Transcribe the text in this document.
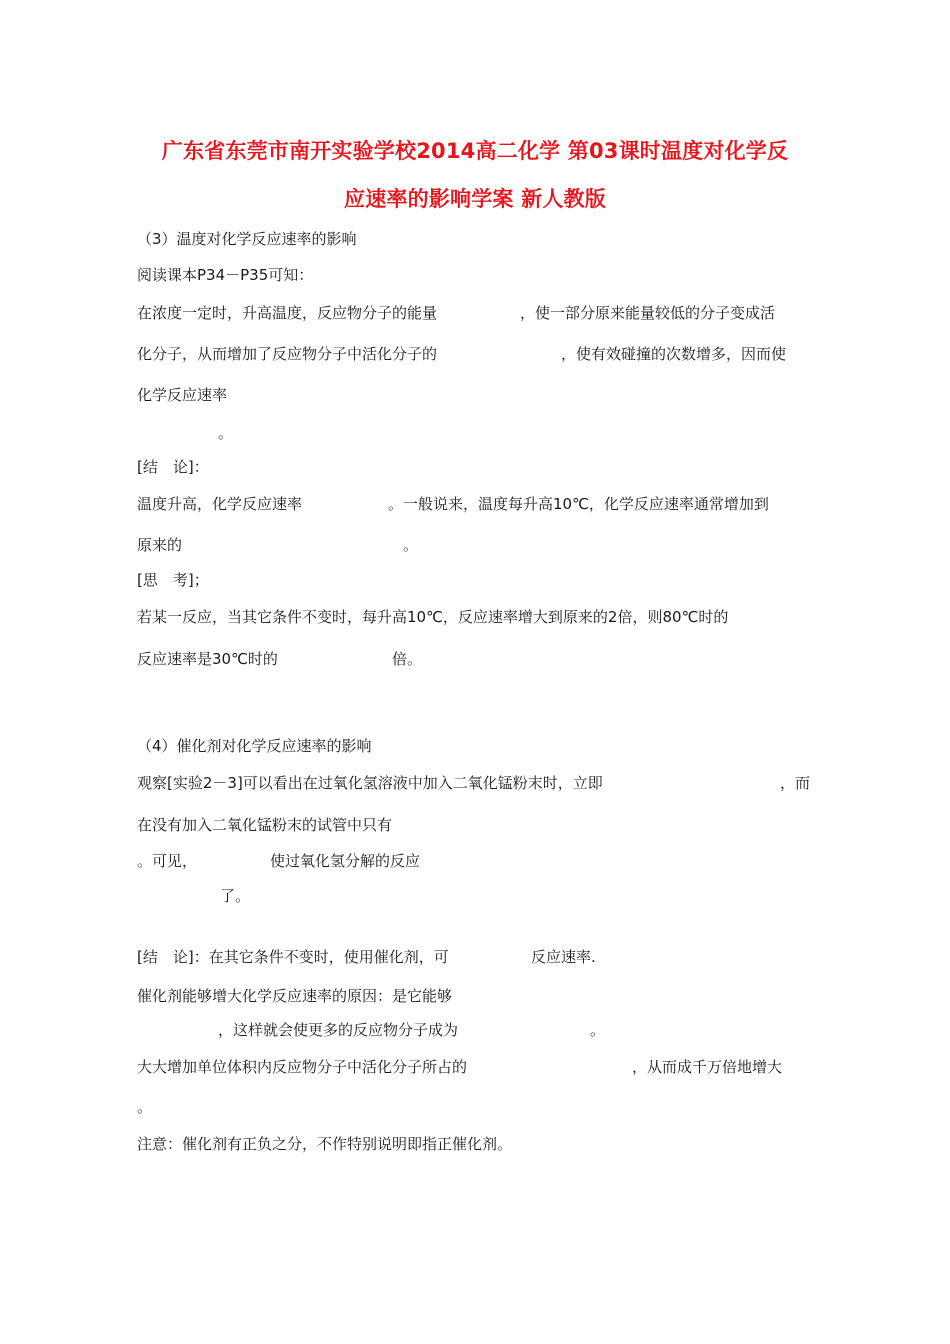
广东省东莞市南开实验学校2014高二化学 第03课时温度对化学反
应速率的影响学案 新人教版
（3）温度对化学反应速率的影响
阅读课本P34－P35可知：
在浓度一定时，升高温度，反应物分子的能量	，使一部分原来能量较低的分子变成活
化分子，从而增加了反应物分子中活化分子的	，使有效碰撞的次数增多，因而使
化学反应速率
。
[结　论]：
温度升高，化学反应速率	。一般说来，温度每升高10℃，化学反应速率通常增加到
原来的	。
[思　考]；
若某一反应，当其它条件不变时，每升高10℃，反应速率增大到原来的2倍，则80℃时的
反应速率是30℃时的	倍。
（4）催化剂对化学反应速率的影响
观察[实验2－3]可以看出在过氧化氢溶液中加入二氧化锰粉末时，立即	，而
在没有加入二氧化锰粉末的试管中只有
。可见，	使过氧化氢分解的反应
了。
[结　论]：在其它条件不变时，使用催化剂，可	反应速率.
催化剂能够增大化学反应速率的原因：是它能够
，这样就会使更多的反应物分子成为	。
大大增加单位体积内反应物分子中活化分子所占的	，从而成千万倍地增大
。
注意：催化剂有正负之分，不作特别说明即指正催化剂。
